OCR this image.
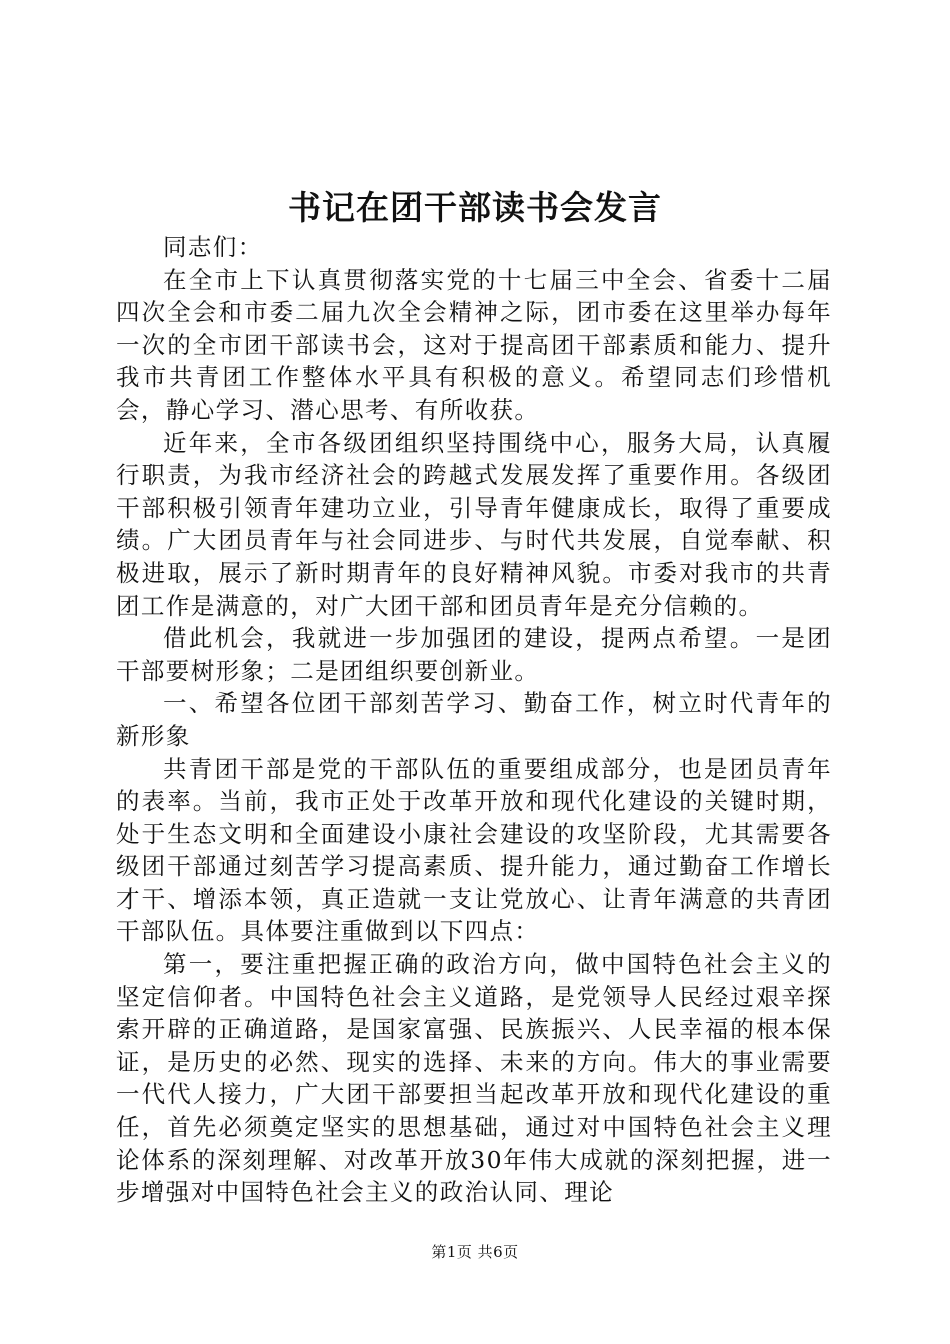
书记在团干部读书会发言

同志们：

在全市上下认真贯彻落实党的十七届三中全会、省委十二届四次全会和市委二届九次全会精神之际，团市委在这里举办每年一次的全市团干部读书会，这对于提高团干部素质和能力、提升我市共青团工作整体水平具有积极的意义。希望同志们珍惜机会，静心学习、潜心思考、有所收获。

近年来，全市各级团组织坚持围绕中心，服务大局，认真履行职责，为我市经济社会的跨越式发展发挥了重要作用。各级团干部积极引领青年建功立业，引导青年健康成长，取得了重要成绩。广大团员青年与社会同进步、与时代共发展，自觉奉献、积极进取，展示了新时期青年的良好精神风貌。市委对我市的共青团工作是满意的，对广大团干部和团员青年是充分信赖的。

借此机会，我就进一步加强团的建设，提两点希望。一是团干部要树形象；二是团组织要创新业。

一、希望各位团干部刻苦学习、勤奋工作，树立时代青年的新形象

共青团干部是党的干部队伍的重要组成部分，也是团员青年的表率。当前，我市正处于改革开放和现代化建设的关键时期，处于生态文明和全面建设小康社会建设的攻坚阶段，尤其需要各级团干部通过刻苦学习提高素质、提升能力，通过勤奋工作增长才干、增添本领，真正造就一支让党放心、让青年满意的共青团干部队伍。具体要注重做到以下四点：

第一，要注重把握正确的政治方向，做中国特色社会主义的坚定信仰者。中国特色社会主义道路，是党领导人民经过艰辛探索开辟的正确道路，是国家富强、民族振兴、人民幸福的根本保证，是历史的必然、现实的选择、未来的方向。伟大的事业需要一代代人接力，广大团干部要担当起改革开放和现代化建设的重任，首先必须奠定坚实的思想基础，通过对中国特色社会主义理论体系的深刻理解、对改革开放30年伟大成就的深刻把握，进一步增强对中国特色社会主义的政治认同、理论

第1页 共6页
